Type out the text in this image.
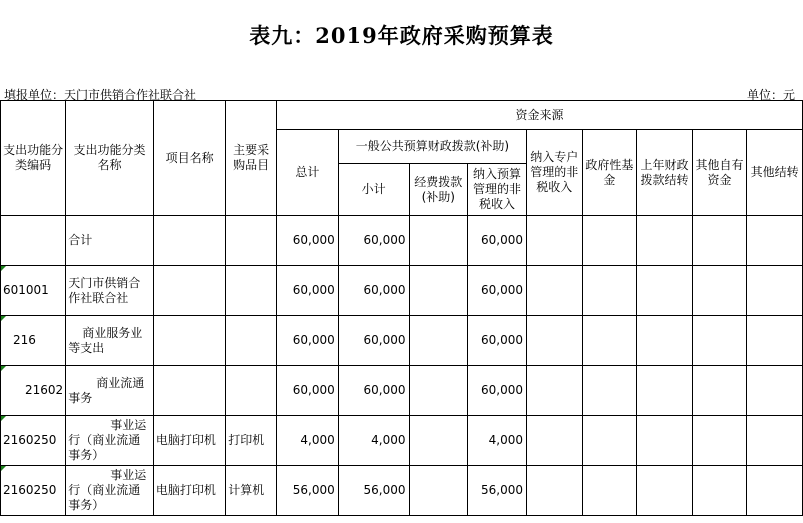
表九：2019年政府采购预算表
填报单位：天门市供销合作社联合社	单位：元
支出功能分类编码	支出功能分类名称	项目名称	主要采购品目	资金来源								
				总计	一般公共预算财政拨款(补助)			纳入专户管理的非税收入	政府性基金	上年财政拨款结转	其他自有资金	其他结转
					小计	经费拨款(补助)	纳入预算管理的非税收入					
	合计			60,000	60,000		60,000					

601001	天门市供销合作社联合社			60,000	60,000		60,000					

216	商业服务业等支出			60,000	60,000		60,000					

21602	商业流通事务			60,000	60,000		60,000					

2160250	事业运行（商业流通事务）	电脑打印机	打印机	4,000	4,000		4,000					

2160250	事业运行（商业流通事务）	电脑打印机	计算机	56,000	56,000		56,000					
